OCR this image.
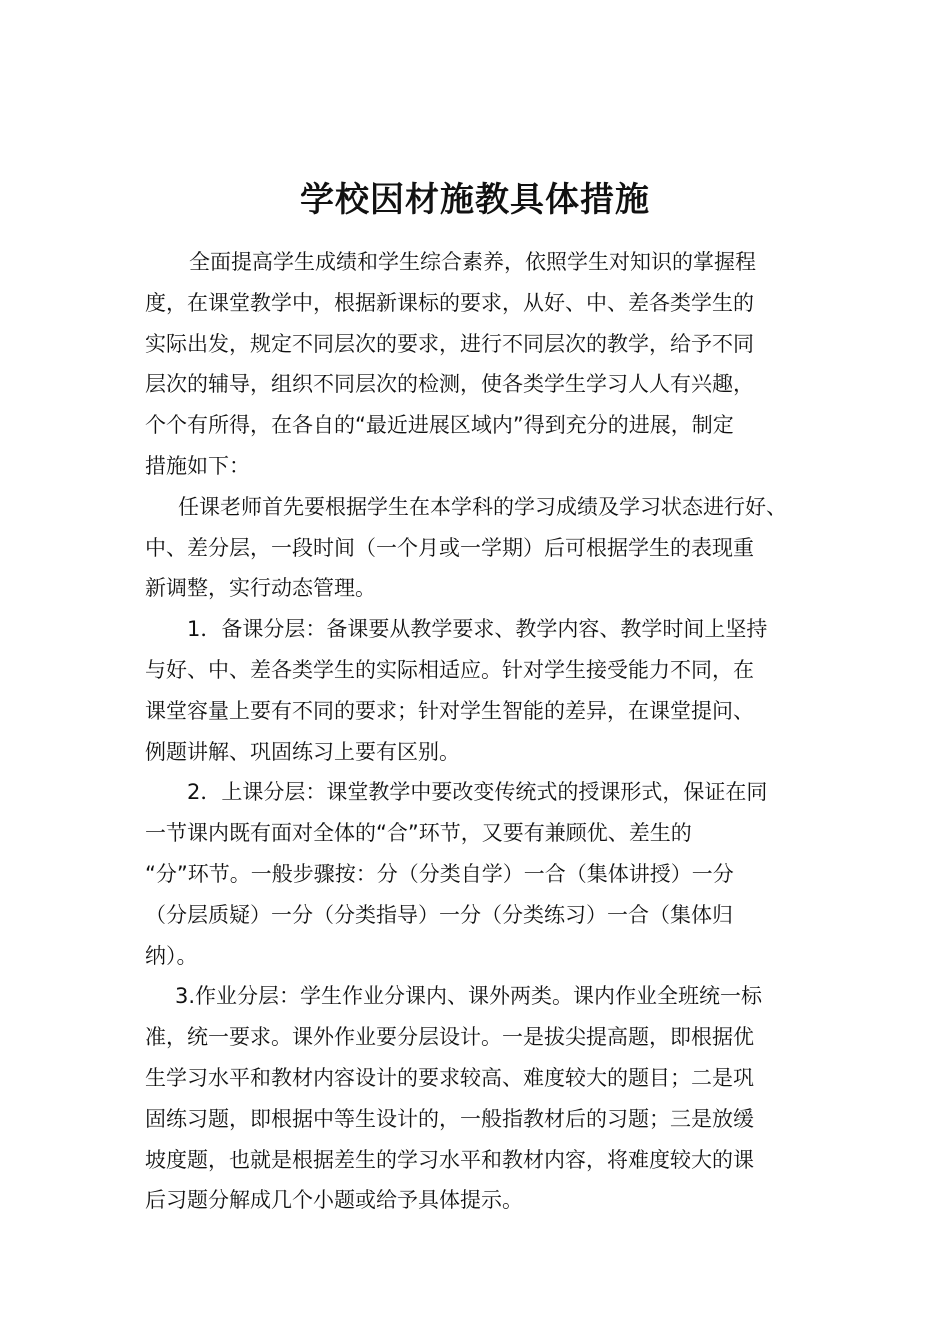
学校因材施教具体措施
全面提高学生成绩和学生综合素养，依照学生对知识的掌握程
度，在课堂教学中，根据新课标的要求，从好、中、差各类学生的
实际出发，规定不同层次的要求，进行不同层次的教学，给予不同
层次的辅导，组织不同层次的检测，使各类学生学习人人有兴趣，
个个有所得，在各自的“最近进展区域内”得到充分的进展，制定
措施如下：
任课老师首先要根据学生在本学科的学习成绩及学习状态进行好、
中、差分层，一段时间（一个月或一学期）后可根据学生的表现重
新调整，实行动态管理。
1．备课分层：备课要从教学要求、教学内容、教学时间上坚持
与好、中、差各类学生的实际相适应。针对学生接受能力不同，在
课堂容量上要有不同的要求；针对学生智能的差异，在课堂提问、
例题讲解、巩固练习上要有区别。
2．上课分层：课堂教学中要改变传统式的授课形式，保证在同
一节课内既有面对全体的“合”环节，又要有兼顾优、差生的
“分”环节。一般步骤按：分（分类自学）一合（集体讲授）一分
（分层质疑）一分（分类指导）一分（分类练习）一合（集体归
纳）。
3.作业分层：学生作业分课内、课外两类。课内作业全班统一标
准，统一要求。课外作业要分层设计。一是拔尖提高题，即根据优
生学习水平和教材内容设计的要求较高、难度较大的题目；二是巩
固练习题，即根据中等生设计的，一般指教材后的习题；三是放缓
坡度题，也就是根据差生的学习水平和教材内容，将难度较大的课
后习题分解成几个小题或给予具体提示。
